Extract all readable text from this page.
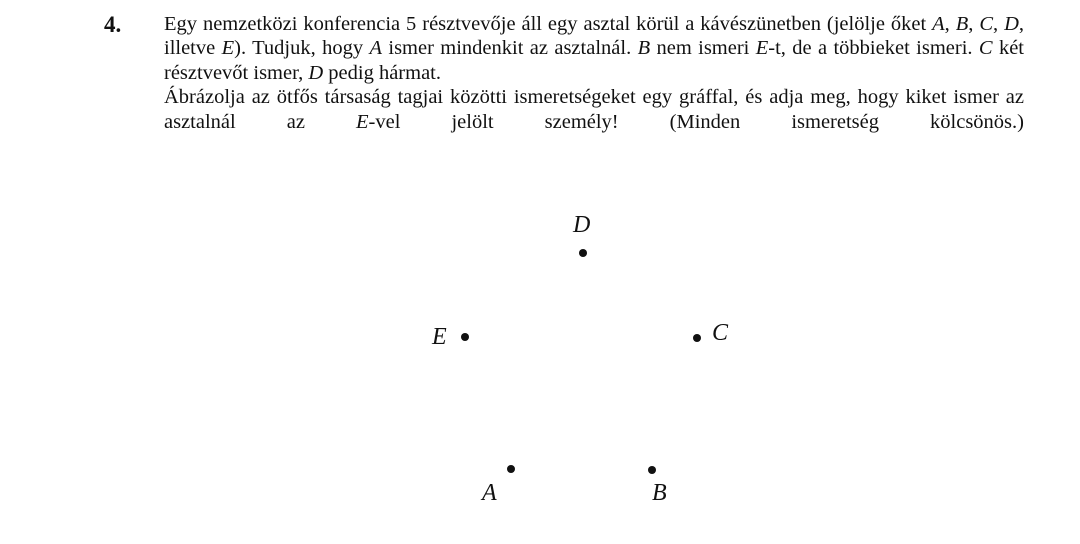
4. Egy nemzetközi konferencia 5 résztvevője áll egy asztal körül a kávészünetben (jelölje őket A, B, C, D, illetve E). Tudjuk, hogy A ismer mindenkit az asztalnál. B nem ismeri E-t, de a többieket ismeri. C két résztvevőt ismer, D pedig hármat.

Ábrázolja az ötfős társaság tagjai közötti ismeretségeket egy gráffal, és adja meg, hogy kiket ismer az asztalnál az E-vel jelölt személy! (Minden ismeretség kölcsönös.)

D
E	C
A	B
